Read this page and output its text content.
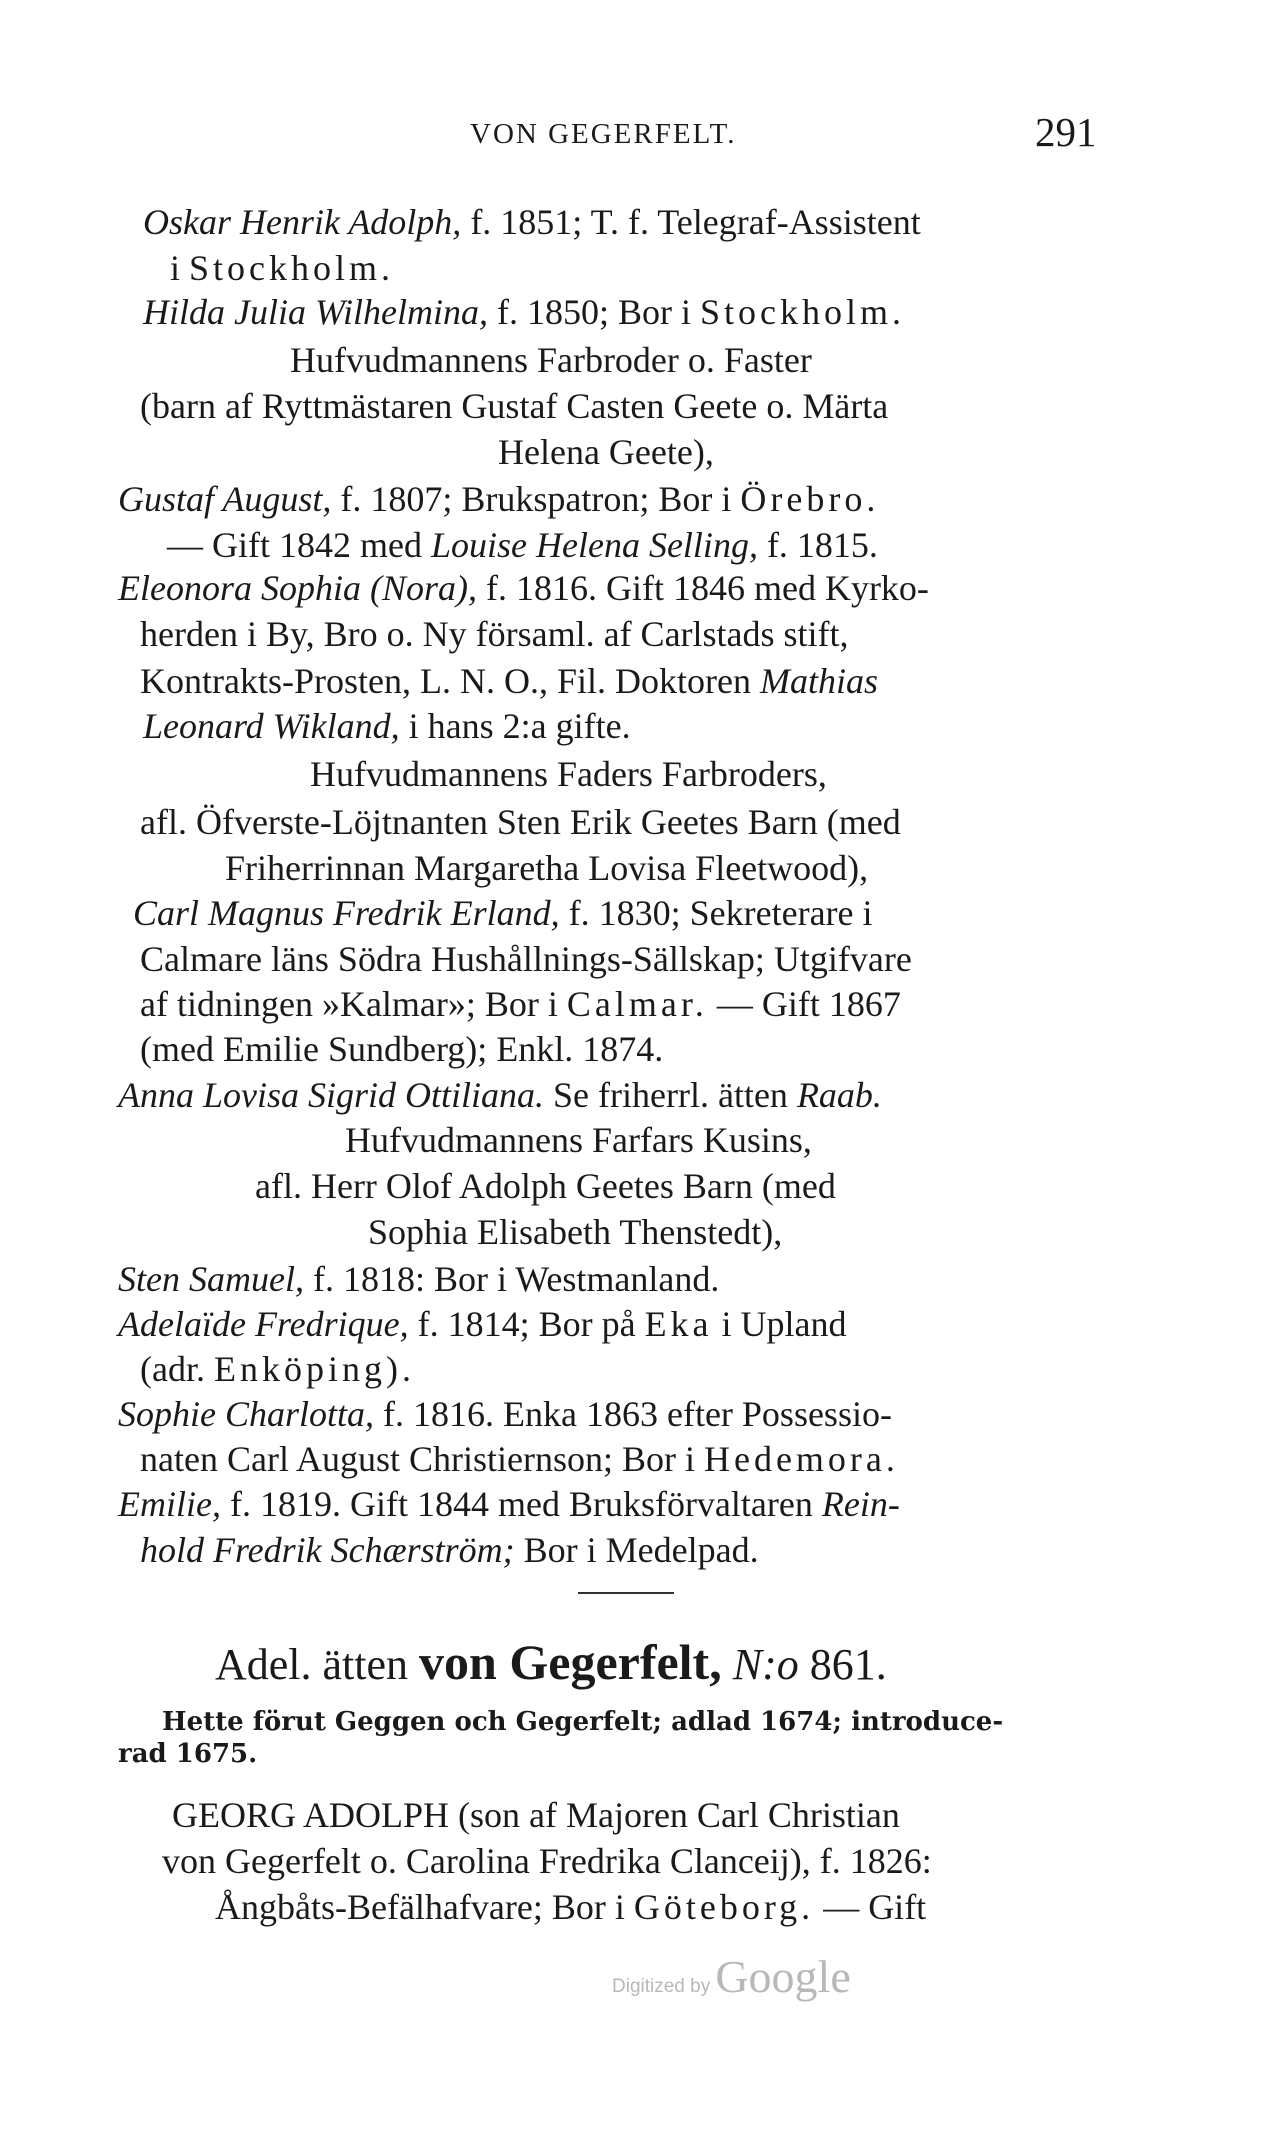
VON GEGERFELT.	291
Oskar Henrik Adolph, f. 1851; T. f. Telegraf-Assistent
i Stockholm.
Hilda Julia Wilhelmina, f. 1850; Bor i Stockholm.
Hufvudmannens Farbroder o. Faster
(barn af Ryttmästaren Gustaf Casten Geete o. Märta
Helena Geete),
Gustaf August, f. 1807; Brukspatron; Bor i Örebro.
— Gift 1842 med Louise Helena Selling, f. 1815.
Eleonora Sophia (Nora), f. 1816. Gift 1846 med Kyrko-
herden i By, Bro o. Ny församl. af Carlstads stift,
Kontrakts-Prosten, L. N. O., Fil. Doktoren Mathias
Leonard Wikland, i hans 2:a gifte.
Hufvudmannens Faders Farbroders,
afl. Öfverste-Löjtnanten Sten Erik Geetes Barn (med
Friherrinnan Margaretha Lovisa Fleetwood),
Carl Magnus Fredrik Erland, f. 1830; Sekreterare i
Calmare läns Södra Hushållnings-Sällskap; Utgifvare
af tidningen »Kalmar»; Bor i Calmar. — Gift 1867
(med Emilie Sundberg); Enkl. 1874.
Anna Lovisa Sigrid Ottiliana. Se friherrl. ätten Raab.
Hufvudmannens Farfars Kusins,
afl. Herr Olof Adolph Geetes Barn (med
Sophia Elisabeth Thenstedt),
Sten Samuel, f. 1818: Bor i Westmanland.
Adelaïde Fredrique, f. 1814; Bor på Eka i Upland
(adr. Enköping).
Sophie Charlotta, f. 1816. Enka 1863 efter Possessio-
naten Carl August Christiernson; Bor i Hedemora.
Emilie, f. 1819. Gift 1844 med Bruksförvaltaren Rein-
hold Fredrik Schærström; Bor i Medelpad.
Adel. ätten von Gegerfelt, N:o 861.
Hette förut Geggen och Gegerfelt; adlad 1674; introduce-
rad 1675.
GEORG ADOLPH (son af Majoren Carl Christian
von Gegerfelt o. Carolina Fredrika Clanceij), f. 1826:
Ångbåts-Befälhafvare; Bor i Göteborg. — Gift
Digitized by Google
